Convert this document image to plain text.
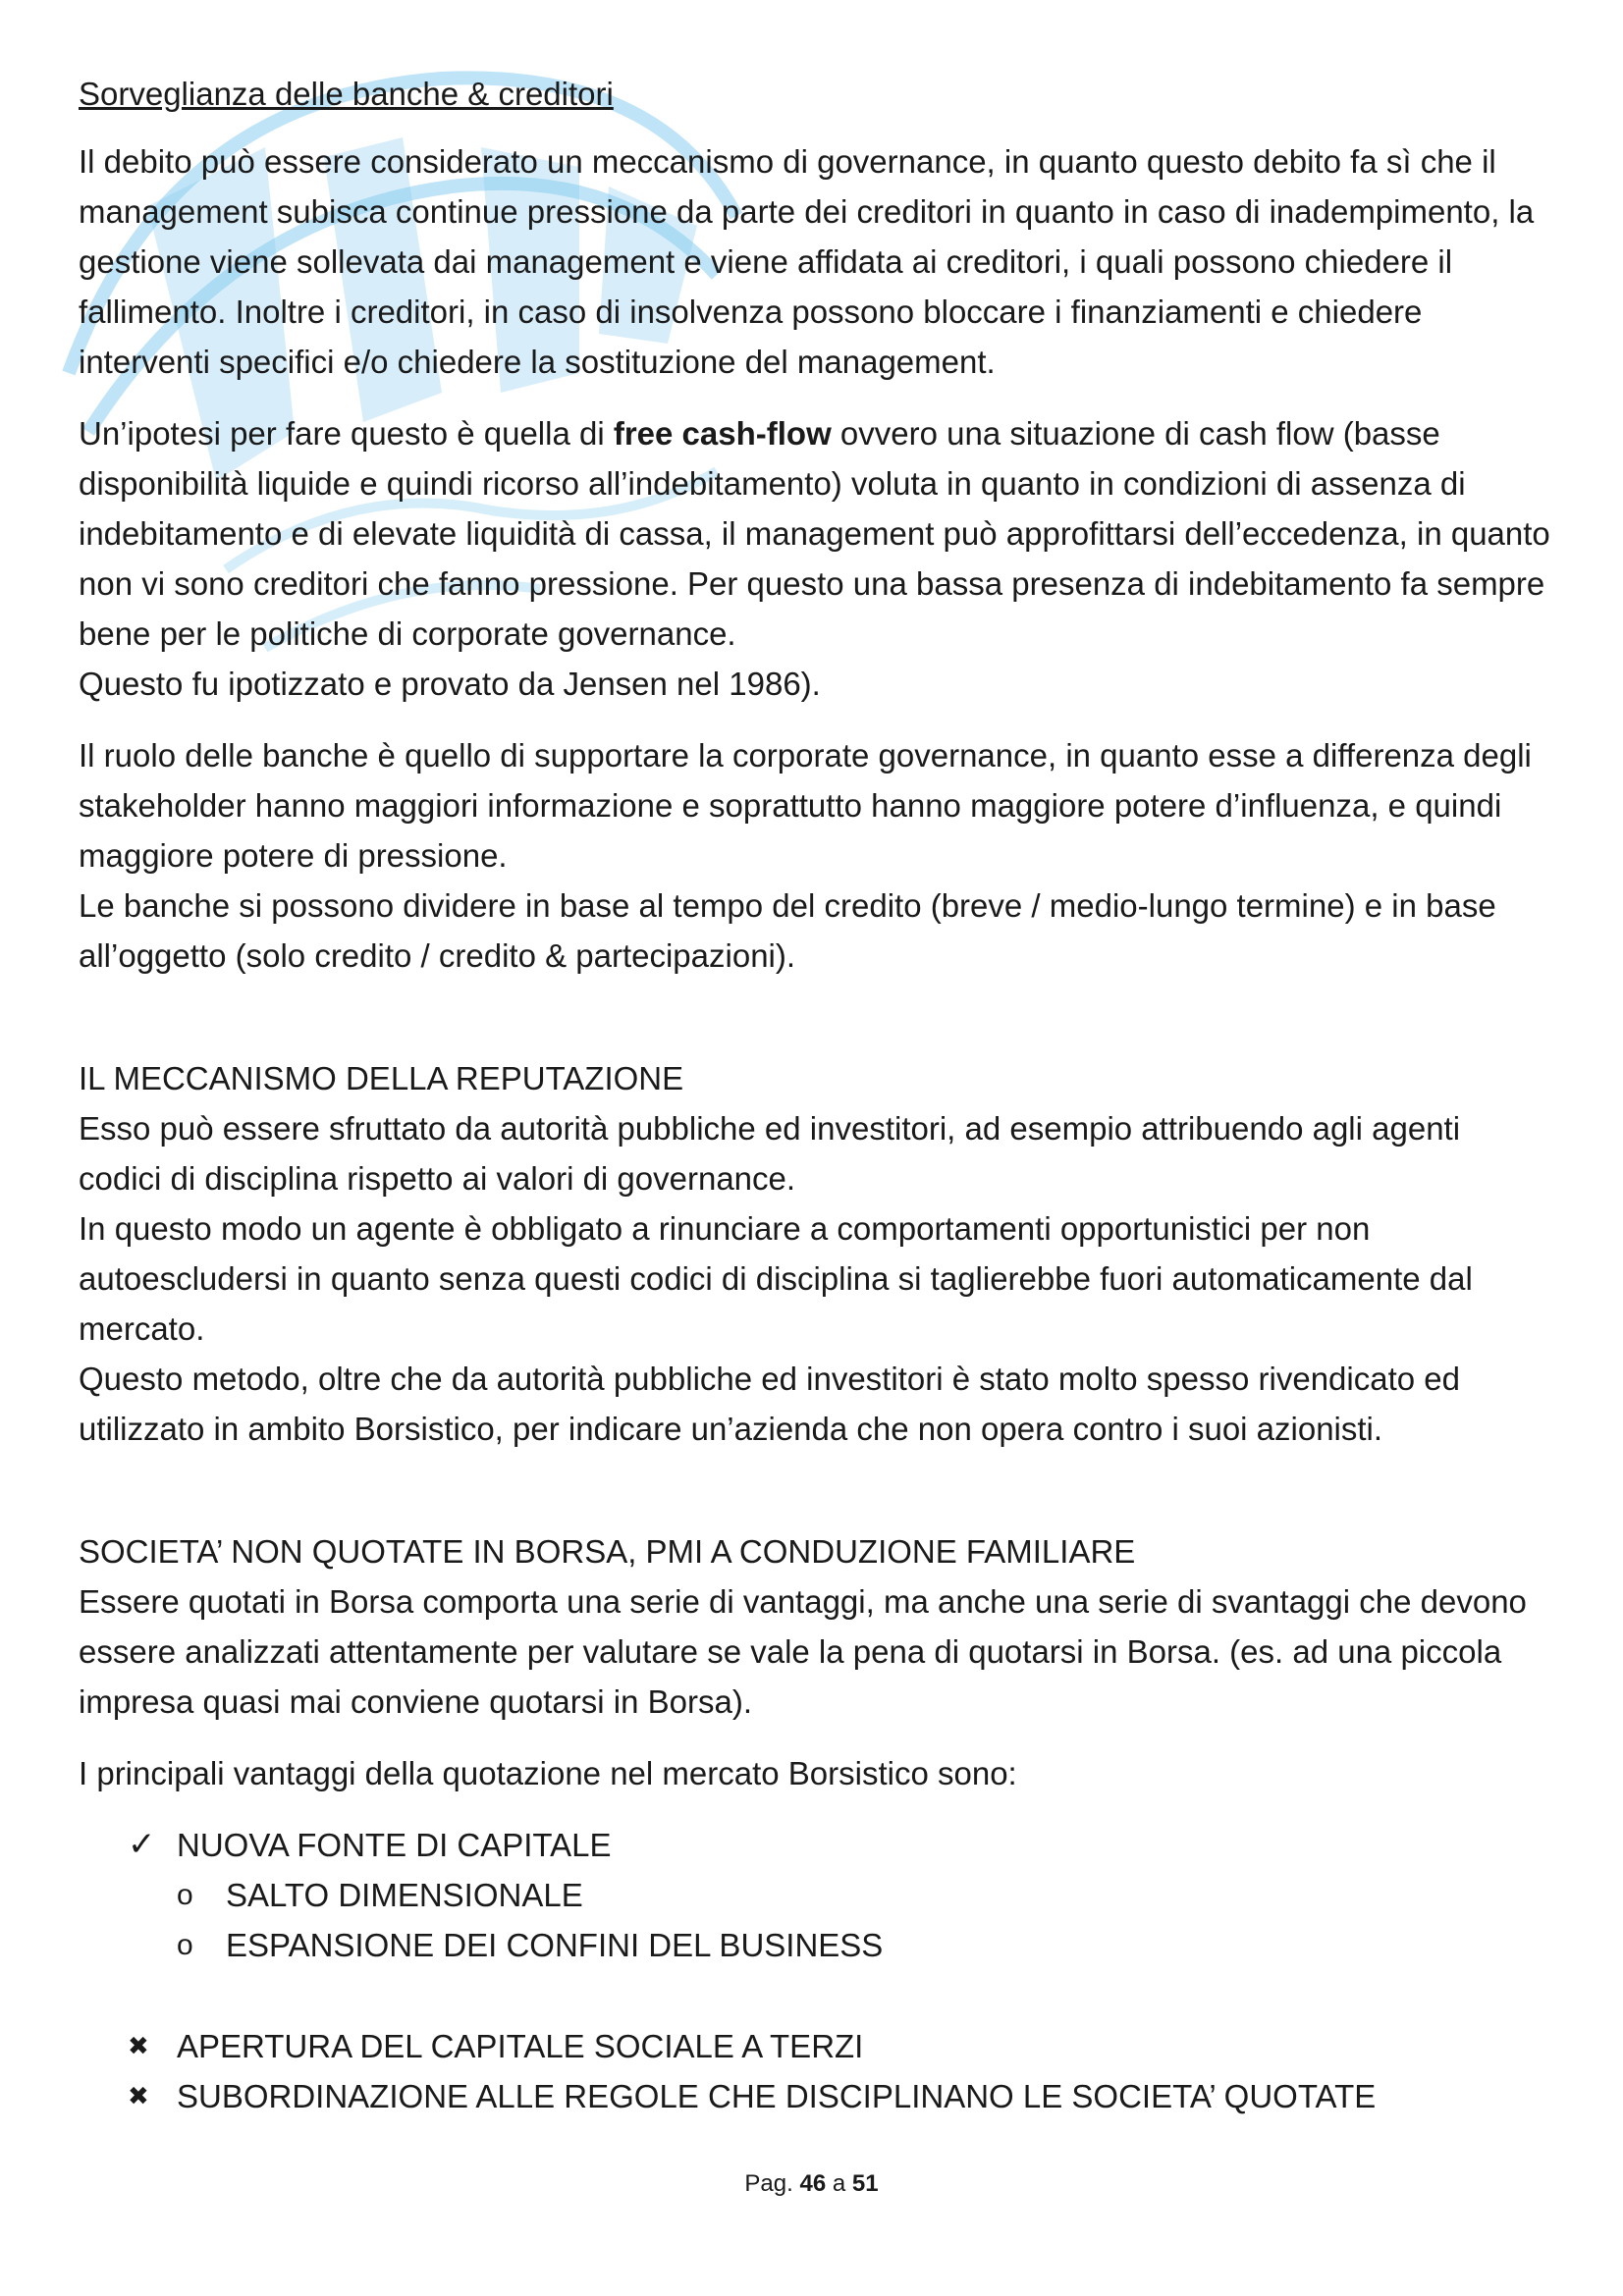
Sorveglianza delle banche & creditori

Il debito può essere considerato un meccanismo di governance, in quanto questo debito fa sì che il management subisca continue pressione da parte dei creditori in quanto in caso di inadempimento, la gestione viene sollevata dai management e viene affidata ai creditori, i quali possono chiedere il fallimento. Inoltre i creditori, in caso di insolvenza possono bloccare i finanziamenti e chiedere interventi specifici e/o chiedere la sostituzione del management.

Un’ipotesi per fare questo è quella di free cash-flow ovvero una situazione di cash flow (basse disponibilità liquide e quindi ricorso all’indebitamento) voluta in quanto in condizioni di assenza di indebitamento e di elevate liquidità di cassa, il management può approfittarsi dell’eccedenza, in quanto non vi sono creditori che fanno pressione. Per questo una bassa presenza di indebitamento fa sempre bene per le politiche di corporate governance.
Questo fu ipotizzato e provato da Jensen nel 1986).

Il ruolo delle banche è quello di supportare la corporate governance, in quanto esse a differenza degli stakeholder hanno maggiori informazione e soprattutto hanno maggiore potere d’influenza, e quindi maggiore potere di pressione.
Le banche si possono dividere in base al tempo del credito (breve / medio-lungo termine) e in base all’oggetto (solo credito / credito & partecipazioni).

IL MECCANISMO DELLA REPUTAZIONE

Esso può essere sfruttato da autorità pubbliche ed investitori, ad esempio attribuendo agli agenti codici di disciplina rispetto ai valori di governance.
In questo modo un agente è obbligato a rinunciare a comportamenti opportunistici per non autoescludersi in quanto senza questi codici di disciplina si taglierebbe fuori automaticamente dal mercato.
Questo metodo, oltre che da autorità pubbliche ed investitori è stato molto spesso rivendicato ed utilizzato in ambito Borsistico, per indicare un’azienda che non opera contro i suoi azionisti.

SOCIETA’ NON QUOTATE IN BORSA, PMI A CONDUZIONE FAMILIARE

Essere quotati in Borsa comporta una serie di vantaggi, ma anche una serie di svantaggi che devono essere analizzati attentamente per valutare se vale la pena di quotarsi in Borsa. (es. ad una piccola impresa quasi mai conviene quotarsi in Borsa).

I principali vantaggi della quotazione nel mercato Borsistico sono:

✓ NUOVA FONTE DI CAPITALE
o	SALTO DIMENSIONALE
o	ESPANSIONE DEI CONFINI DEL BUSINESS
✖ APERTURA DEL CAPITALE SOCIALE A TERZI
✖ SUBORDINAZIONE ALLE REGOLE CHE DISCIPLINANO LE SOCIETA’ QUOTATE
Pag. 46 a 51
